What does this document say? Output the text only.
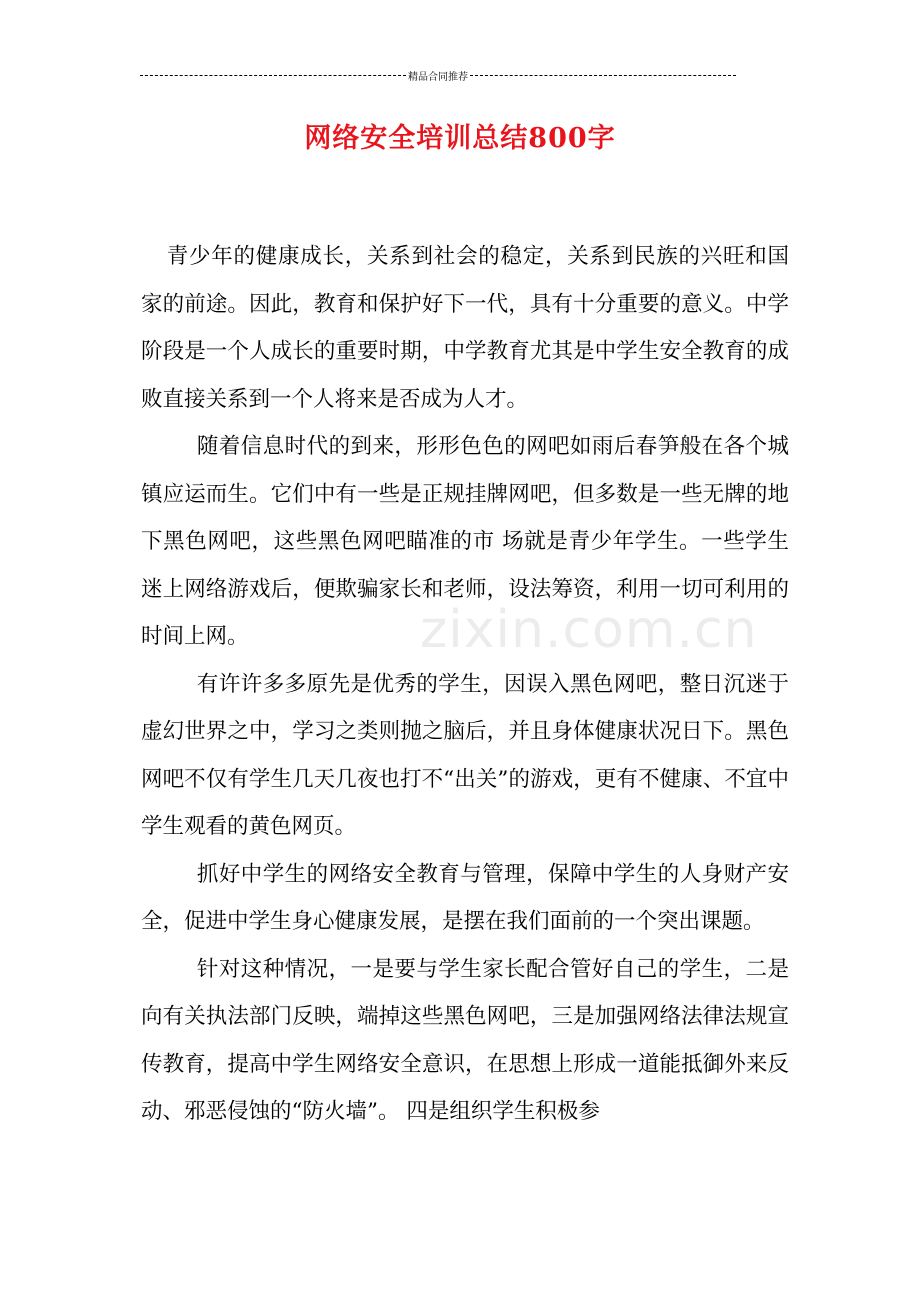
精品合同推荐
网络安全培训总结800字

青少年的健康成长，关系到社会的稳定，关系到民族的兴旺和国家的前途。因此，教育和保护好下一代，具有十分重要的意义。中学阶段是一个人成长的重要时期，中学教育尤其是中学生安全教育的成败直接关系到一个人将来是否成为人才。

随着信息时代的到来，形形色色的网吧如雨后春笋般在各个城镇应运而生。它们中有一些是正规挂牌网吧，但多数是一些无牌的地下黑色网吧，这些黑色网吧瞄准的市 场就是青少年学生。一些学生迷上网络游戏后，便欺骗家长和老师，设法筹资，利用一切可利用的时间上网。

有许许多多原先是优秀的学生，因误入黑色网吧，整日沉迷于虚幻世界之中，学习之类则抛之脑后，并且身体健康状况日下。黑色网吧不仅有学生几天几夜也打不“出关”的游戏，更有不健康、不宜中学生观看的黄色网页。

抓好中学生的网络安全教育与管理，保障中学生的人身财产安全，促进中学生身心健康发展，是摆在我们面前的一个突出课题。

针对这种情况，一是要与学生家长配合管好自己的学生，二是向有关执法部门反映，端掉这些黑色网吧，三是加强网络法律法规宣传教育，提高中学生网络安全意识，在思想上形成一道能抵御外来反动、邪恶侵蚀的“防火墙”。 四是组织学生积极参

zixin.com.cn
